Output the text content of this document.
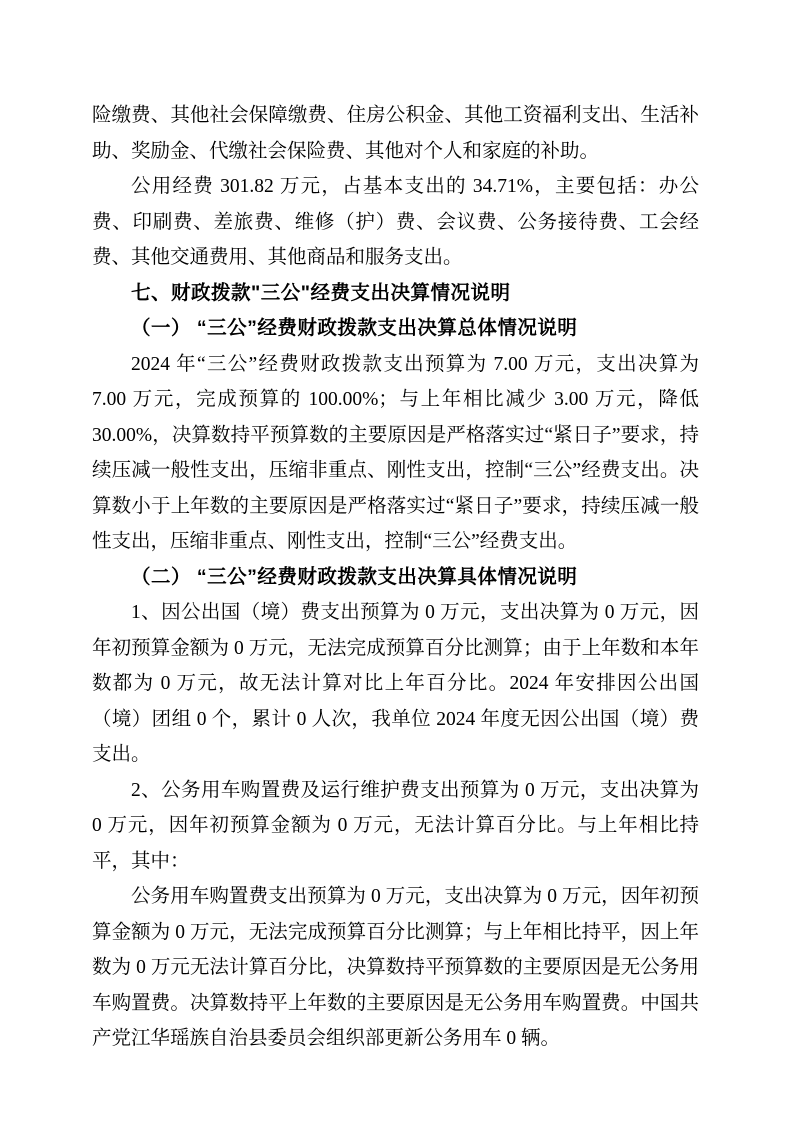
险缴费、其他社会保障缴费、住房公积金、其他工资福利支出、生活补助、奖励金、代缴社会保险费、其他对个人和家庭的补助。

公用经费 301.82 万元，占基本支出的 34.71%，主要包括：办公费、印刷费、差旅费、维修（护）费、会议费、公务接待费、工会经费、其他交通费用、其他商品和服务支出。

七、财政拨款"三公"经费支出决算情况说明

（一） “三公”经费财政拨款支出决算总体情况说明

2024 年“三公”经费财政拨款支出预算为 7.00 万元，支出决算为 7.00 万元，完成预算的 100.00%；与上年相比减少 3.00 万元，降低 30.00%，决算数持平预算数的主要原因是严格落实过“紧日子”要求，持续压减一般性支出，压缩非重点、刚性支出，控制“三公”经费支出。决算数小于上年数的主要原因是严格落实过“紧日子”要求，持续压减一般性支出，压缩非重点、刚性支出，控制“三公”经费支出。

（二） “三公”经费财政拨款支出决算具体情况说明

1、因公出国（境）费支出预算为 0 万元，支出决算为 0 万元，因年初预算金额为 0 万元，无法完成预算百分比测算；由于上年数和本年数都为 0 万元，故无法计算对比上年百分比。2024 年安排因公出国（境）团组 0 个，累计 0 人次，我单位 2024 年度无因公出国（境）费支出。

2、公务用车购置费及运行维护费支出预算为 0 万元，支出决算为 0 万元，因年初预算金额为 0 万元，无法计算百分比。与上年相比持平，其中：

公务用车购置费支出预算为 0 万元，支出决算为 0 万元，因年初预算金额为 0 万元，无法完成预算百分比测算；与上年相比持平，因上年数为 0 万元无法计算百分比，决算数持平预算数的主要原因是无公务用车购置费。决算数持平上年数的主要原因是无公务用车购置费。中国共产党江华瑶族自治县委员会组织部更新公务用车 0 辆。
